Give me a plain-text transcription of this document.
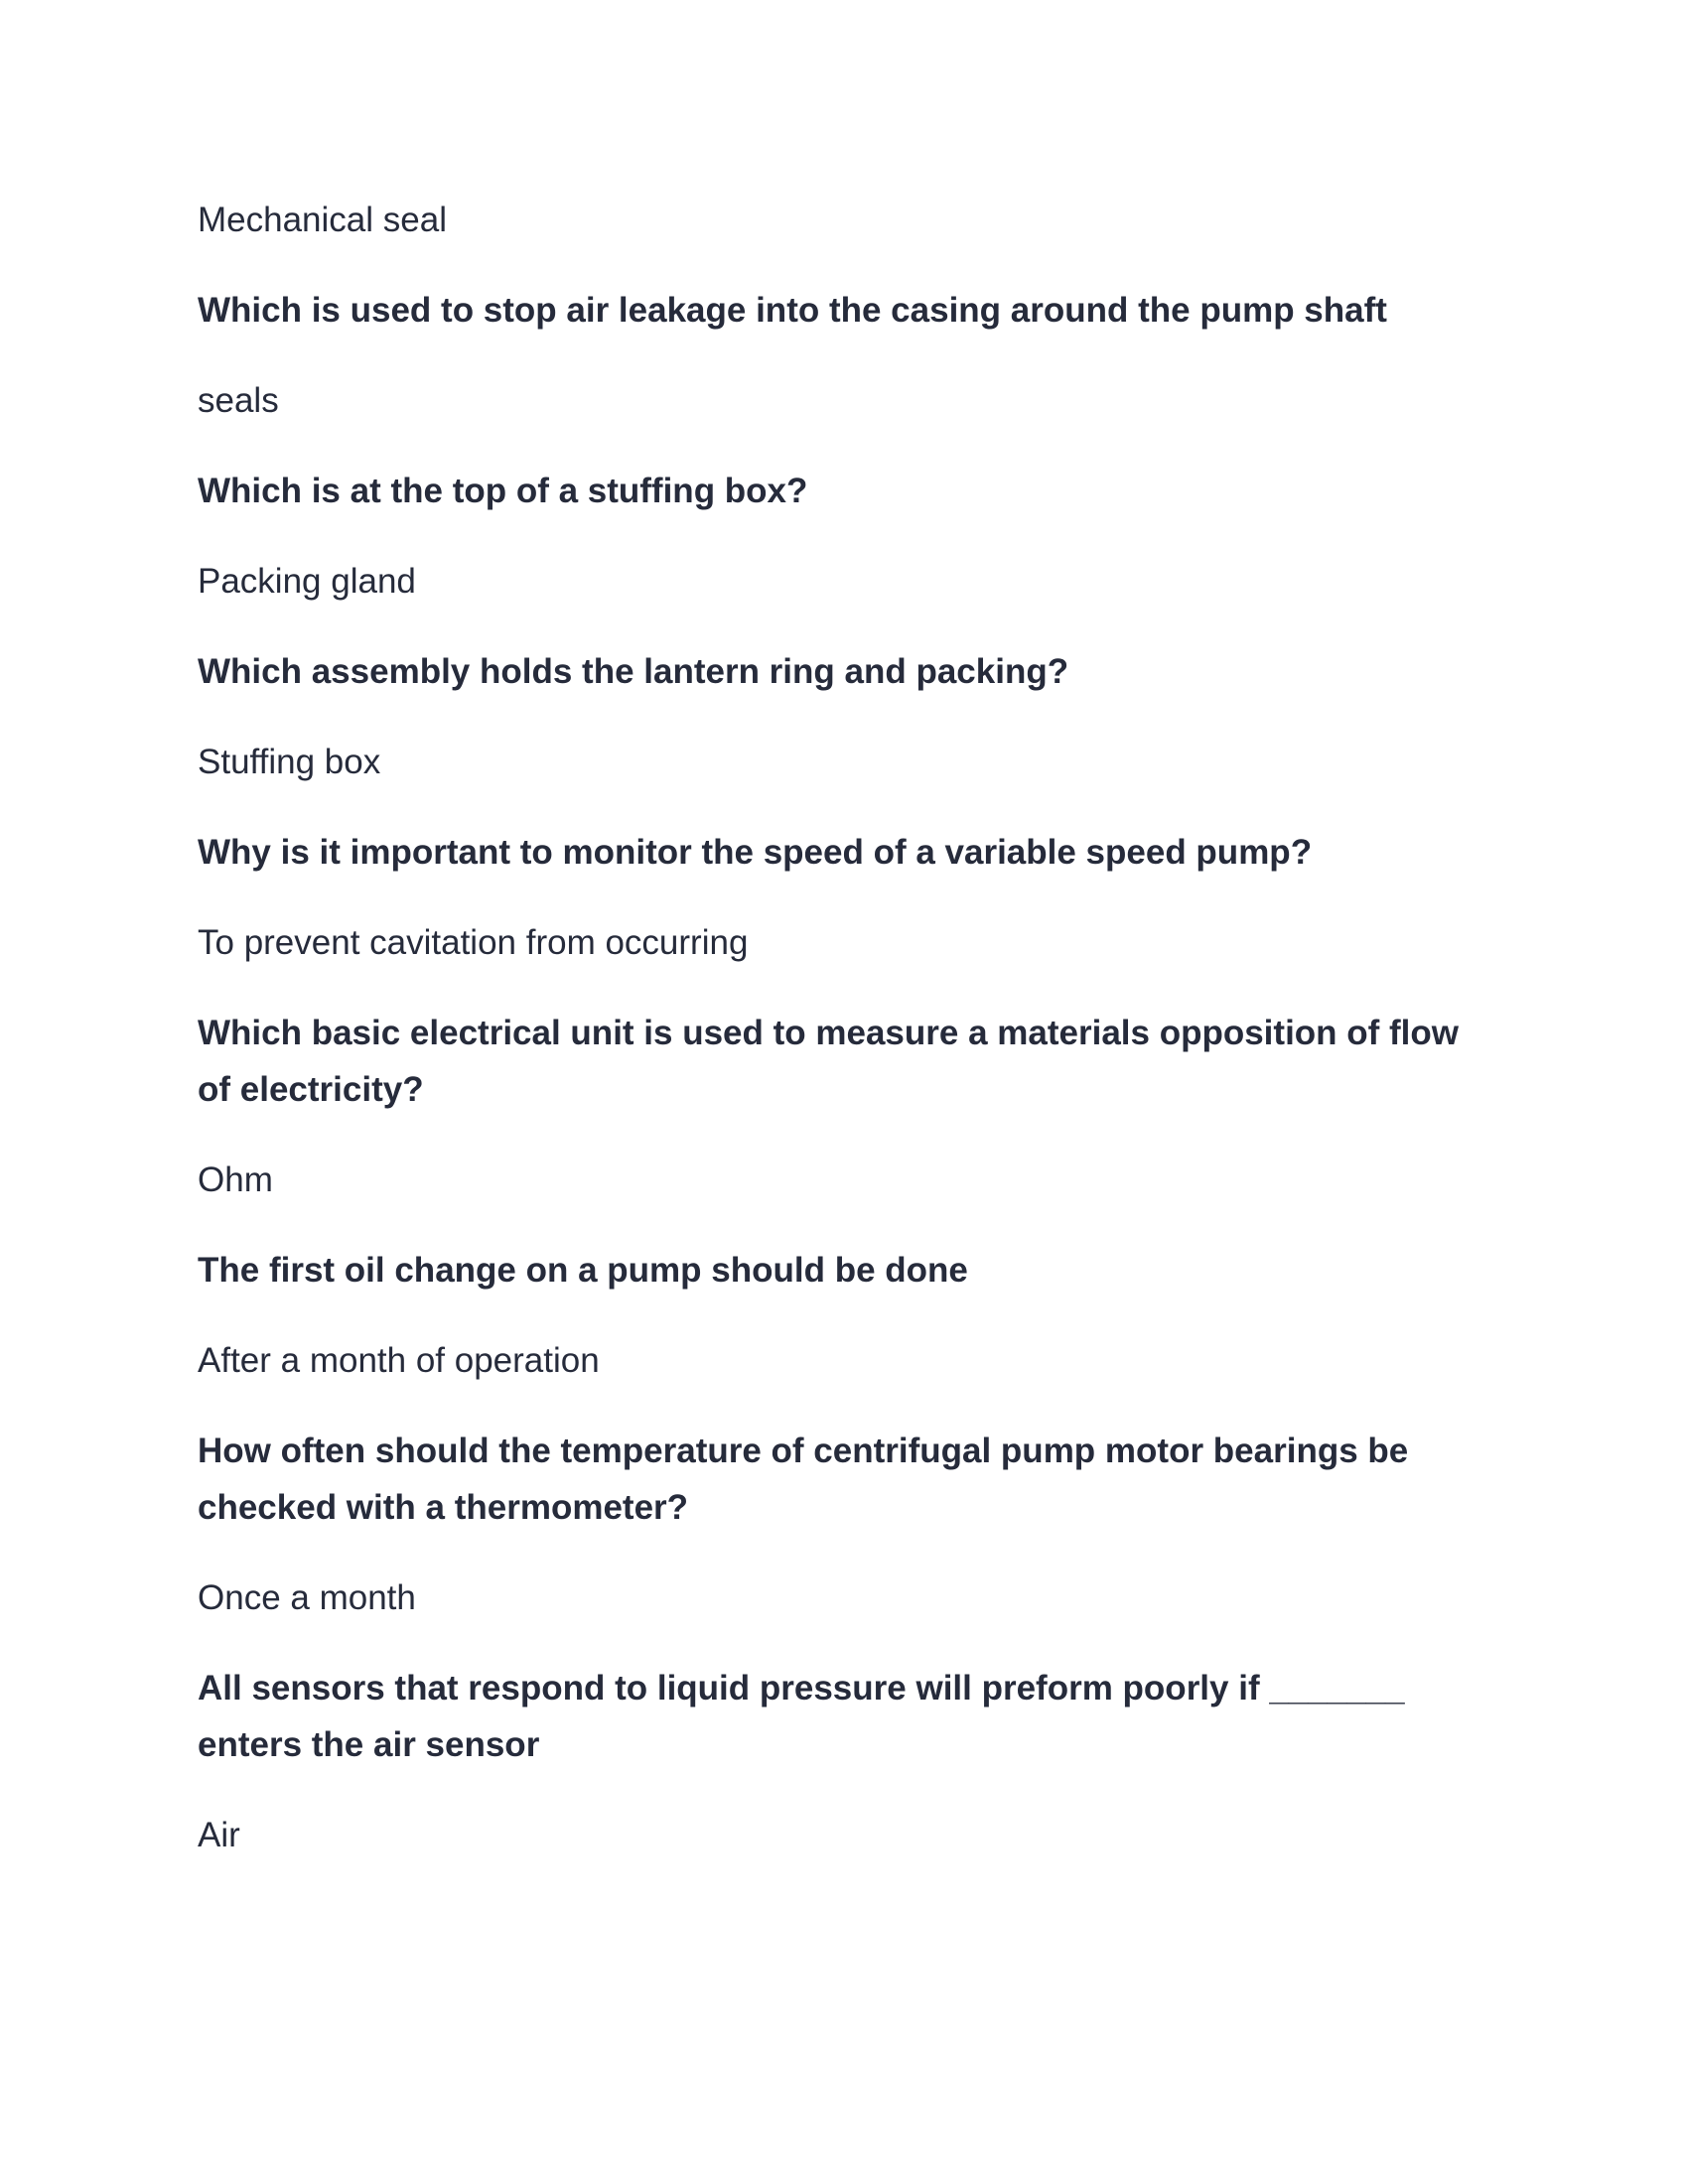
Mechanical seal

Which is used to stop air leakage into the casing around the pump shaft

seals

Which is at the top of a stuffing box?

Packing gland

Which assembly holds the lantern ring and packing?

Stuffing box

Why is it important to monitor the speed of a variable speed pump?

To prevent cavitation from occurring

Which basic electrical unit is used to measure a materials opposition of flow of electricity?

Ohm

The first oil change on a pump should be done

After a month of operation

How often should the temperature of centrifugal pump motor bearings be checked with a thermometer?

Once a month

All sensors that respond to liquid pressure will preform poorly if _______ enters the air sensor

Air
